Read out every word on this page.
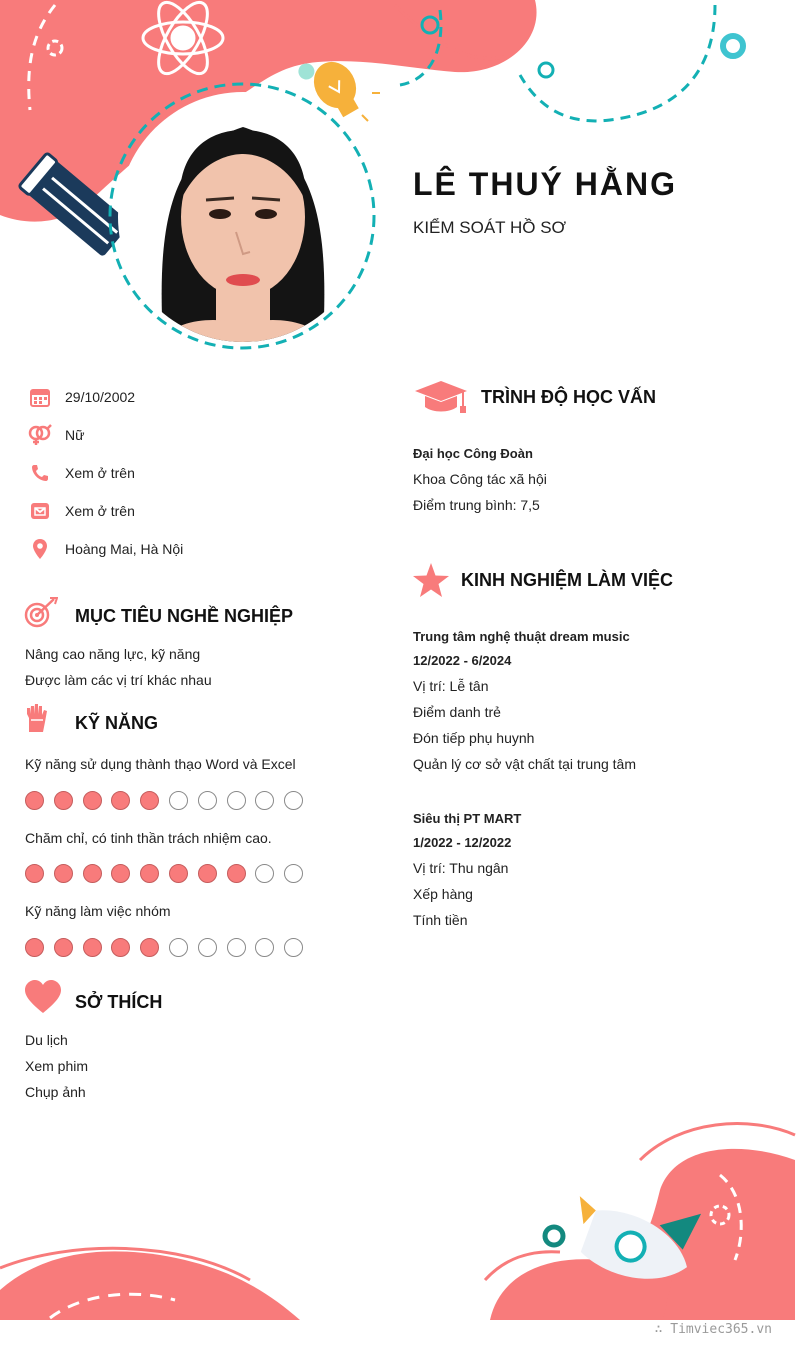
LÊ THUÝ HẰNG
KIỂM SOÁT HỒ SƠ
29/10/2002
Nữ
Xem ở trên
Xem ở trên
Hoàng Mai, Hà Nội
MỤC TIÊU NGHỀ NGHIỆP
Nâng cao năng lực, kỹ năng
Được làm các vị trí khác nhau
KỸ NĂNG
Kỹ năng sử dụng thành thạo Word và Excel
Chăm chỉ, có tinh thần trách nhiệm cao.
Kỹ năng làm việc nhóm
SỞ THÍCH
Du lịch
Xem phim
Chụp ảnh
TRÌNH ĐỘ HỌC VẤN
Đại học Công Đoàn
Khoa Công tác xã hội
Điểm trung bình: 7,5
KINH NGHIỆM LÀM VIỆC
Trung tâm nghệ thuật dream music
12/2022 - 6/2024
Vị trí: Lễ tân
Điểm danh trẻ
Đón tiếp phụ huynh
Quản lý cơ sở vật chất tại trung tâm
Siêu thị PT MART
1/2022 - 12/2022
Vị trí: Thu ngân
Xếp hàng
Tính tiền
∴ Timviec365.vn
